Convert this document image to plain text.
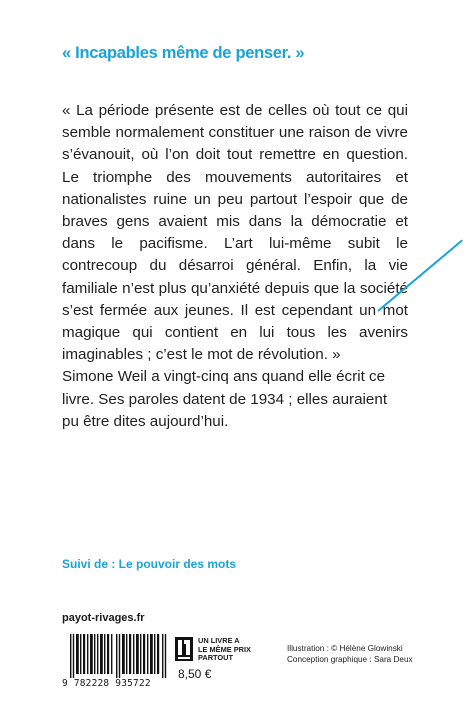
« Incapables même de penser. »

« La période présente est de celles où tout ce qui semble normalement constituer une raison de vivre s’évanouit, où l’on doit tout remettre en question. Le triomphe des mouvements autoritaires et nationalistes ruine un peu partout l’espoir que de braves gens avaient mis dans la démocratie et dans le pacifisme. L’art lui-même subit le contrecoup du désarroi général. Enfin, la vie familiale n’est plus qu’anxiété depuis que la société s’est fermée aux jeunes. Il est cependant un mot magique qui contient en lui tous les avenirs imaginables ; c’est le mot de révolution. »

Simone Weil a vingt-cinq ans quand elle écrit ce livre. Ses paroles datent de 1934 ; elles auraient pu être dites aujourd’hui.

Suivi de : Le pouvoir des mots
payot-rivages.fr
9 782228 935722
UN LIVRE A
LE MÊME PRIX
PARTOUT
8,50 €
Illustration : © Hélène Glowinski
Conception graphique : Sara Deux
